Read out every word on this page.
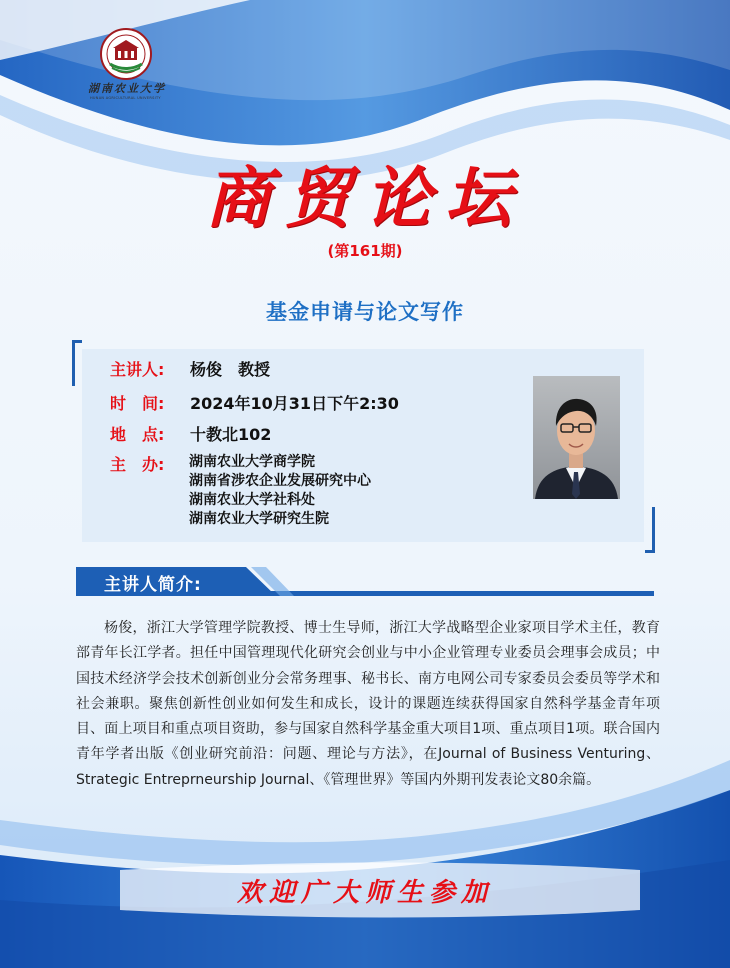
湖南农业大学
HUNAN AGRICULTURAL UNIVERSITY
商贸论坛
(第161期)
基金申请与论文写作
主讲人: 杨俊　教授
时　间: 2024年10月31日下午2:30
地　点: 十教北102
主　办:	湖南农业大学商学院
湖南省涉农企业发展研究中心
湖南农业大学社科处
湖南农业大学研究生院
主讲人简介:
杨俊，浙江大学管理学院教授、博士生导师，浙江大学战略型企业家项目学术主任，教育部青年长江学者。担任中国管理现代化研究会创业与中小企业管理专业委员会理事会成员；中国技术经济学会技术创新创业分会常务理事、秘书长、南方电网公司专家委员会委员等学术和社会兼职。聚焦创新性创业如何发生和成长，设计的课题连续获得国家自然科学基金青年项目、面上项目和重点项目资助，参与国家自然科学基金重大项目1项、重点项目1项。联合国内青年学者出版《创业研究前沿：问题、理论与方法》，在Journal of Business Venturing、Strategic Entreprneurship Journal、《管理世界》等国内外期刊发表论文80余篇。
欢迎广大师生参加
